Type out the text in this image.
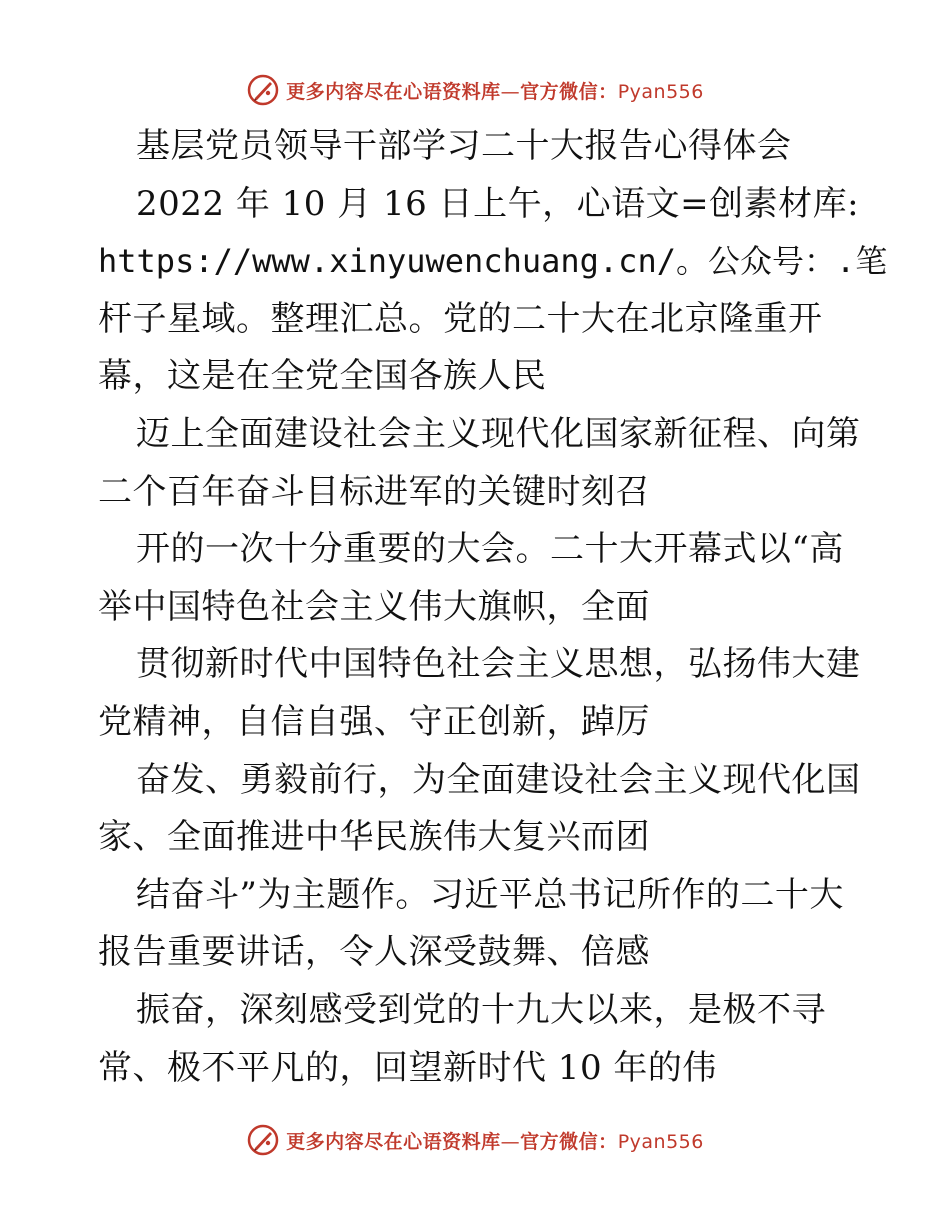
更多内容尽在心语资料库—官方微信：Pyan556
基层党员领导干部学习二十大报告心得体会
2022 年 10 月 16 日上午，心语文=创素材库:
https://www.xinyuwenchuang.cn/。公众号：.笔
杆子星域。整理汇总。党的二十大在北京隆重开
幕，这是在全党全国各族人民
迈上全面建设社会主义现代化国家新征程、向第
二个百年奋斗目标进军的关键时刻召
开的一次十分重要的大会。二十大开幕式以“高
举中国特色社会主义伟大旗帜，全面
贯彻新时代中国特色社会主义思想，弘扬伟大建
党精神，自信自强、守正创新，踔厉
奋发、勇毅前行，为全面建设社会主义现代化国
家、全面推进中华民族伟大复兴而团
结奋斗”为主题作。习近平总书记所作的二十大
报告重要讲话，令人深受鼓舞、倍感
振奋，深刻感受到党的十九大以来，是极不寻
常、极不平凡的，回望新时代 10 年的伟
更多内容尽在心语资料库—官方微信：Pyan556
